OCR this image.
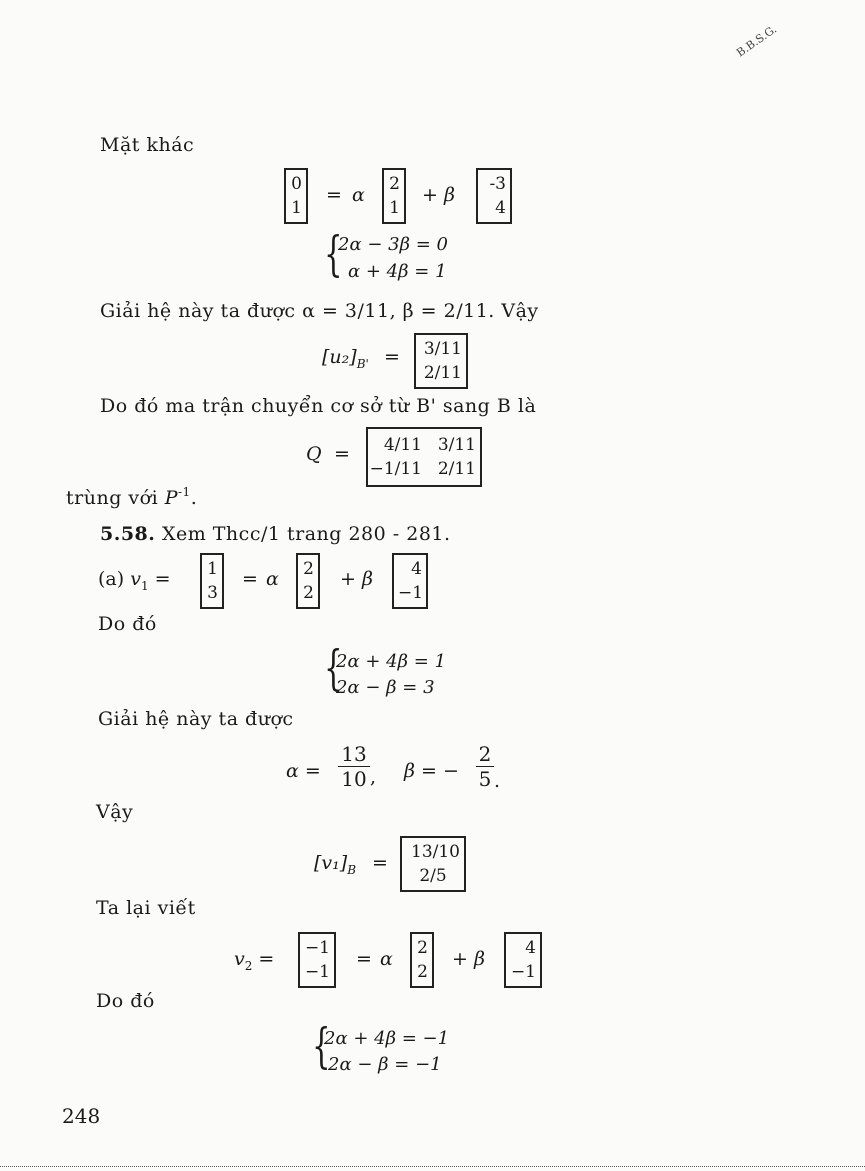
B.B.S.G.
Mặt khác
0
1
= α	2
1
+ β	-3
4
{
2α − 3β = 0
α + 4β = 1
Giải hệ này ta được α = 3/11, β = 2/11. Vậy
$[u_2]_{B'}$ =	3/11
2/11
Do đó ma trận chuyển cơ sở từ B' sang B là
Q =	4/11 3/11
−1/11 2/11
trùng với $P^{-1}$.
5.58. Xem Thcc/1 trang 280 - 281.
(a) $v_1$ =	1
3
= α	2
2
+ β	4
−1
Do đó
{
2α + 4β = 1
2α − β = 3
Giải hệ này ta được
$\alpha = \frac{13}{10}$ , β = − $\frac{2}{5}$ .
Vậy
$[v_1]_B$ =	13/10
2/5
Ta lại viết
$v_2$ =	−1
−1
= α	2
2
+ β	4
−1
Do đó
{
2α + 4β = −1
2α − β = −1
248
